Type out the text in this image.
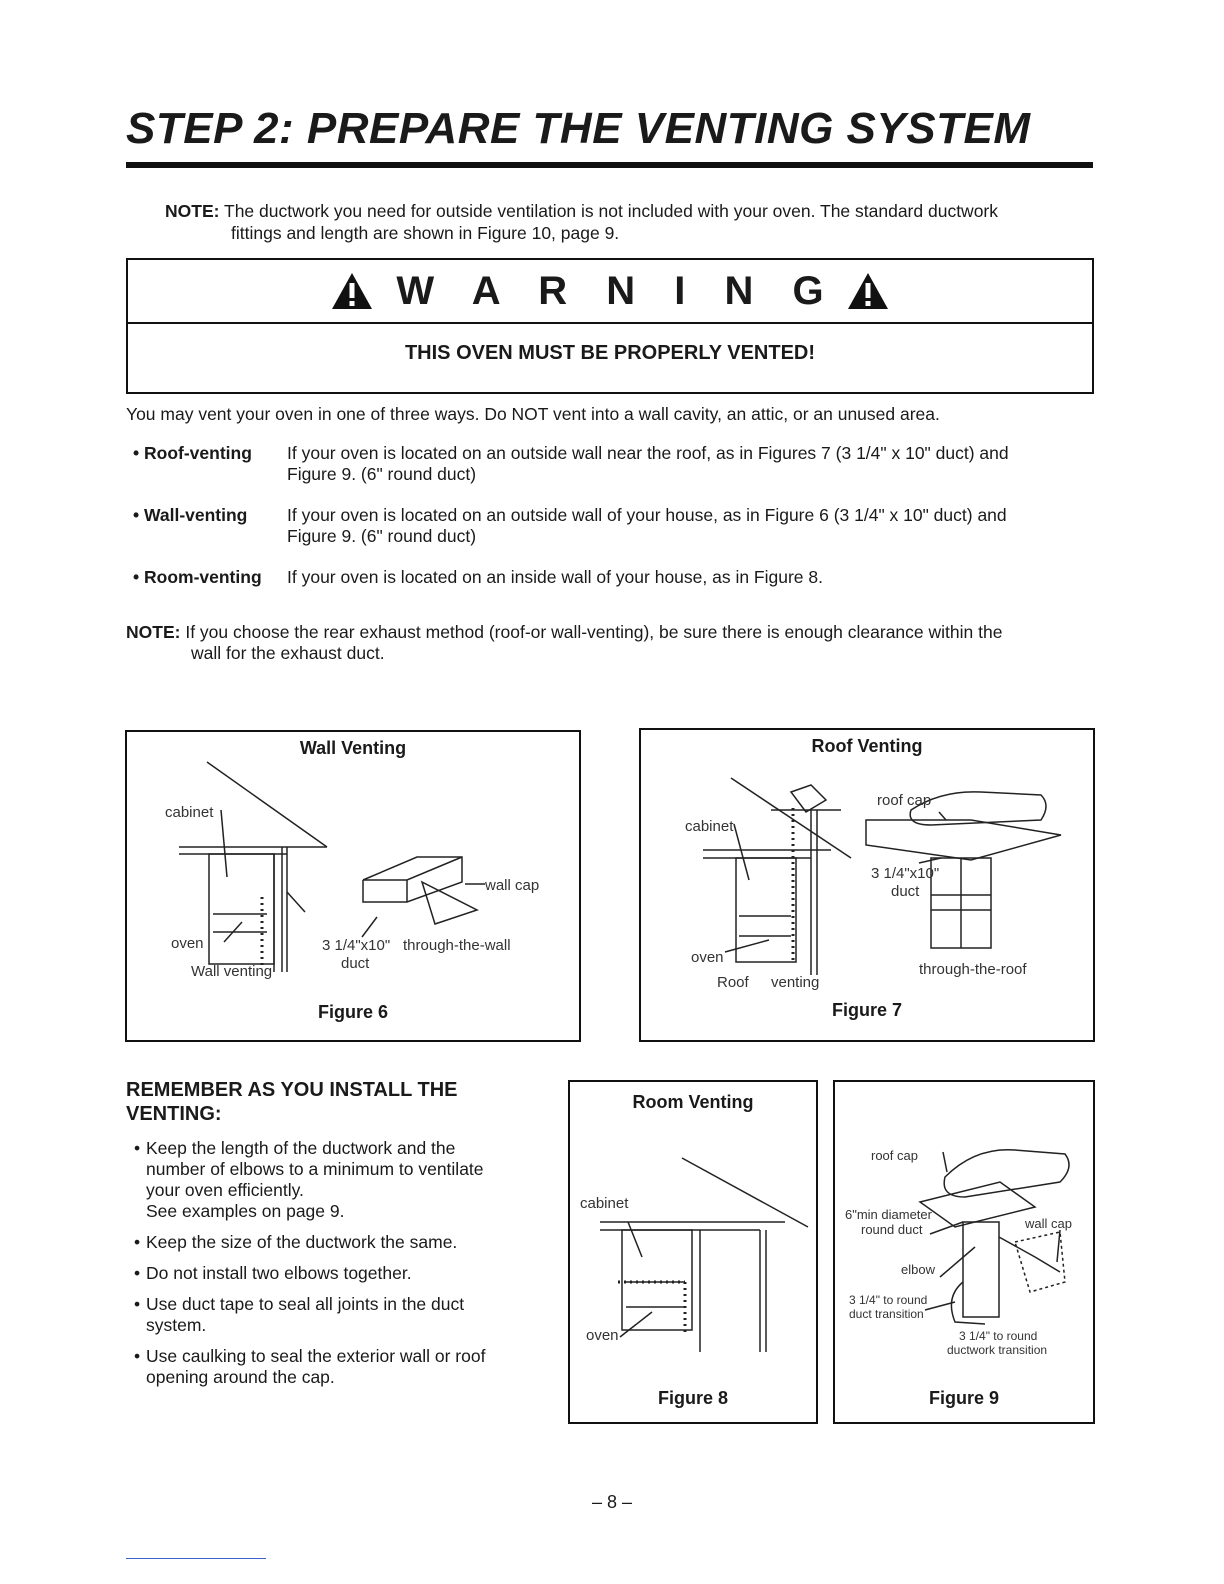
STEP 2: PREPARE THE VENTING SYSTEM
NOTE: The ductwork you need for outside ventilation is not included with your oven. The standard ductwork
fittings and length are shown in Figure 10, page 9.
W A R N I N G
THIS OVEN MUST BE PROPERLY VENTED!
You may vent your oven in one of three ways. Do NOT vent into a wall cavity, an attic, or an unused area.
• Roof-venting If your oven is located on an outside wall near the roof, as in Figures 7 (3 1/4" x 10" duct) and
Figure 9. (6" round duct)
• Wall-venting If your oven is located on an outside wall of your house, as in Figure 6 (3 1/4" x 10" duct) and
Figure 9. (6" round duct)
• Room-venting If your oven is located on an inside wall of your house, as in Figure 8.
NOTE: If you choose the rear exhaust method (roof-or wall-venting), be sure there is enough clearance within the
wall for the exhaust duct.
cabinet
oven
Wall venting
wall cap
3 1/4"x10" through-the-wall
duct
Wall Venting
Figure 6
cabinet
oven
Roof venting
roof cap
3 1/4"x10"
duct
through-the-roof
Roof Venting
Figure 7
REMEMBER AS YOU INSTALL THE
VENTING:
• Keep the length of the ductwork and the
number of elbows to a minimum to ventilate
your oven efficiently.
See examples on page 9.
• Keep the size of the ductwork the same.
• Do not install two elbows together.
• Use duct tape to seal all joints in the duct
system.
• Use caulking to seal the exterior wall or roof
opening around the cap.
cabinet
oven
Room Venting
Figure 8
roof cap
6"min diameter
round duct	wall cap
elbow
3 1/4" to round
duct transition
3 1/4" to round
ductwork transition
Figure 9
– 8 –
